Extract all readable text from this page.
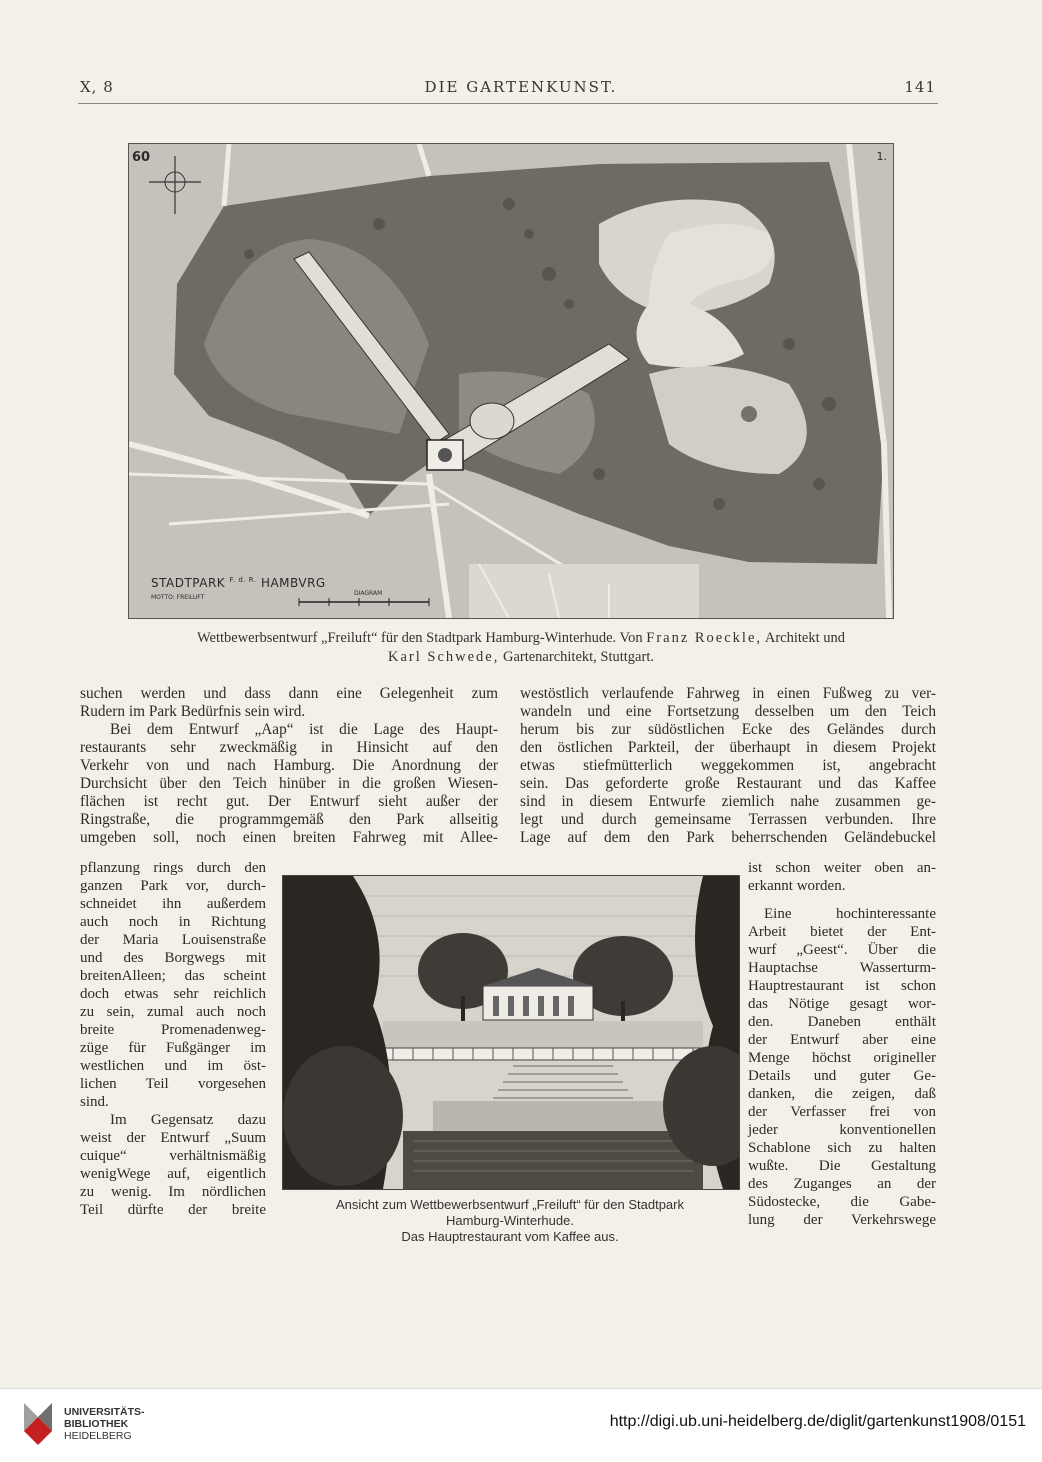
X, 8	DIE GARTENKUNST.	141
60	1.
STADTPARK $^{F. d. R.}$ HAMBVRG
MOTTO: FREILUFT
DIAGRAM
Wettbewerbsentwurf „Freiluft“ für den Stadtpark Hamburg-Winterhude. Von Franz Roeckle, Architekt und
Karl Schwede, Gartenarchitekt, Stuttgart.
suchen werden und dass dann eine Gelegenheit zum
Rudern im Park Bedürfnis sein wird.
Bei dem Entwurf „Aap“ ist die Lage des Haupt-
restaurants sehr zweckmäßig in Hinsicht auf den
Verkehr von und nach Hamburg. Die Anordnung der
Durchsicht über den Teich hinüber in die großen Wiesen-
flächen ist recht gut. Der Entwurf sieht außer der
Ringstraße, die programmgemäß den Park allseitig
umgeben soll, noch einen breiten Fahrweg mit Allee-
pflanzung rings durch den
ganzen Park vor, durch-
schneidet ihn außerdem
auch noch in Richtung
der Maria Louisenstraße
und des Borgwegs mit
breitenAlleen; das scheint
doch etwas sehr reichlich
zu sein, zumal auch noch
breite Promenadenweg-
züge für Fußgänger im
westlichen und im öst-
lichen Teil vorgesehen
sind.
Im Gegensatz dazu
weist der Entwurf „Suum
cuique“ verhältnismäßig
wenigWege auf, eigentlich
zu wenig. Im nördlichen
Teil dürfte der breite
westöstlich verlaufende Fahrweg in einen Fußweg zu ver-
wandeln und eine Fortsetzung desselben um den Teich
herum bis zur südöstlichen Ecke des Geländes durch
den östlichen Parkteil, der überhaupt in diesem Projekt
etwas stiefmütterlich weggekommen ist, angebracht
sein. Das geforderte große Restaurant und das Kaffee
sind in diesem Entwurfe ziemlich nahe zusammen ge-
legt und durch gemeinsame Terrassen verbunden. Ihre
Lage auf dem den Park beherrschenden Geländebuckel
ist schon weiter oben an-
erkannt worden.
Eine hochinteressante
Arbeit bietet der Ent-
wurf „Geest“. Über die
Hauptachse Wasserturm-
Hauptrestaurant ist schon
das Nötige gesagt wor-
den. Daneben enthält
der Entwurf aber eine
Menge höchst origineller
Details und guter Ge-
danken, die zeigen, daß
der Verfasser frei von
jeder konventionellen
Schablone sich zu halten
wußte. Die Gestaltung
des Zuganges an der
Südostecke, die Gabe-
lung der Verkehrswege
Ansicht zum Wettbewerbsentwurf „Freiluft“ für den Stadtpark
Hamburg-Winterhude.
Das Hauptrestaurant vom Kaffee aus.
UNIVERSITÄTS-
BIBLIOTHEK
HEIDELBERG
http://digi.ub.uni-heidelberg.de/diglit/gartenkunst1908/0151
